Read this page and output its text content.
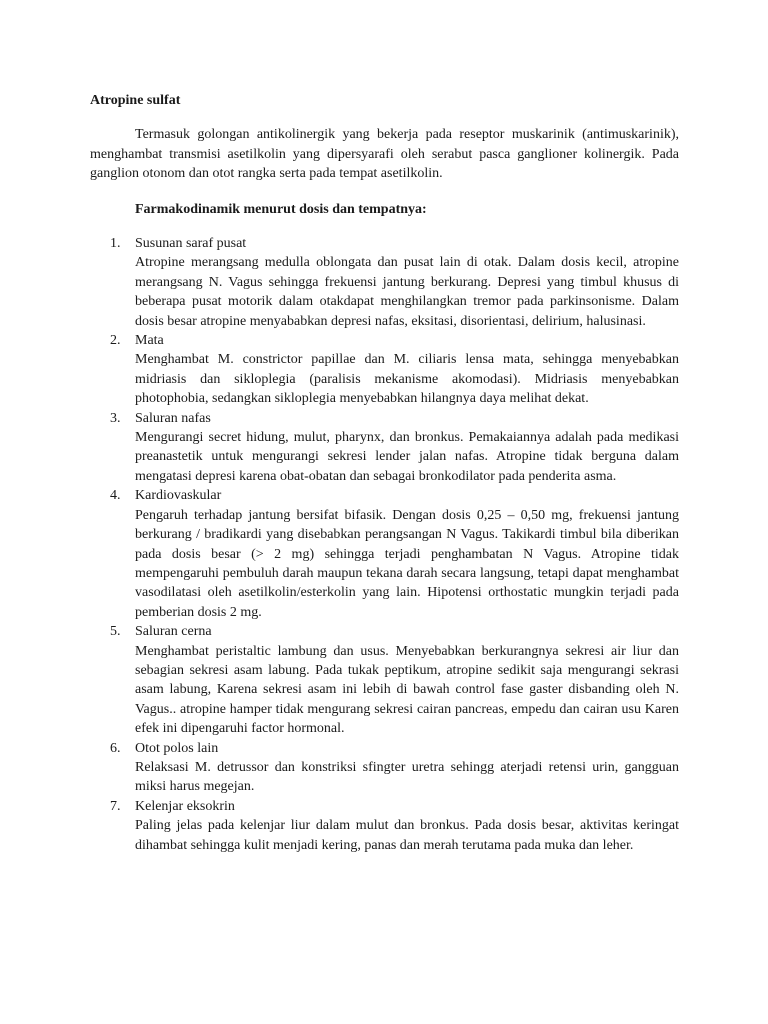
Atropine sulfat

Termasuk golongan antikolinergik yang bekerja pada reseptor muskarinik (antimuskarinik), menghambat transmisi asetilkolin yang dipersyarafi oleh serabut pasca ganglioner kolinergik. Pada ganglion otonom dan otot rangka serta pada tempat asetilkolin.

Farmakodinamik menurut dosis dan tempatnya:
1. Susunan saraf pusat
Atropine merangsang medulla oblongata dan pusat lain di otak. Dalam dosis kecil, atropine merangsang N. Vagus sehingga frekuensi jantung berkurang. Depresi yang timbul khusus di beberapa pusat motorik dalam otakdapat menghilangkan tremor pada parkinsonisme. Dalam dosis besar atropine menyababkan depresi nafas, eksitasi, disorientasi, delirium, halusinasi.
2. Mata
Menghambat M. constrictor papillae dan M. ciliaris lensa mata, sehingga menyebabkan midriasis dan sikloplegia (paralisis mekanisme akomodasi). Midriasis menyebabkan photophobia, sedangkan sikloplegia menyebabkan hilangnya daya melihat dekat.
3. Saluran nafas
Mengurangi secret hidung, mulut, pharynx, dan bronkus. Pemakaiannya adalah pada medikasi preanastetik untuk mengurangi sekresi lender jalan nafas. Atropine tidak berguna dalam mengatasi depresi karena obat-obatan dan sebagai bronkodilator pada penderita asma.
4. Kardiovaskular
Pengaruh terhadap jantung bersifat bifasik. Dengan dosis 0,25 – 0,50 mg, frekuensi jantung berkurang / bradikardi yang disebabkan perangsangan N Vagus. Takikardi timbul bila diberikan pada dosis besar (> 2 mg) sehingga terjadi penghambatan N Vagus. Atropine tidak mempengaruhi pembuluh darah maupun tekana darah secara langsung, tetapi dapat menghambat vasodilatasi oleh asetilkolin/esterkolin yang lain. Hipotensi orthostatic mungkin terjadi pada pemberian dosis 2 mg.
5. Saluran cerna
Menghambat peristaltic lambung dan usus. Menyebabkan berkurangnya sekresi air liur dan sebagian sekresi asam labung. Pada tukak peptikum, atropine sedikit saja mengurangi sekrasi asam labung, Karena sekresi asam ini lebih di bawah control fase gaster disbanding oleh N. Vagus.. atropine hamper tidak mengurang sekresi cairan pancreas, empedu dan cairan usu Karen efek ini dipengaruhi factor hormonal.
6. Otot polos lain
Relaksasi M. detrussor dan konstriksi sfingter uretra sehingg aterjadi retensi urin, gangguan miksi harus megejan.
7. Kelenjar eksokrin
Paling jelas pada kelenjar liur dalam mulut dan bronkus. Pada dosis besar, aktivitas keringat dihambat sehingga kulit menjadi kering, panas dan merah terutama pada muka dan leher.
